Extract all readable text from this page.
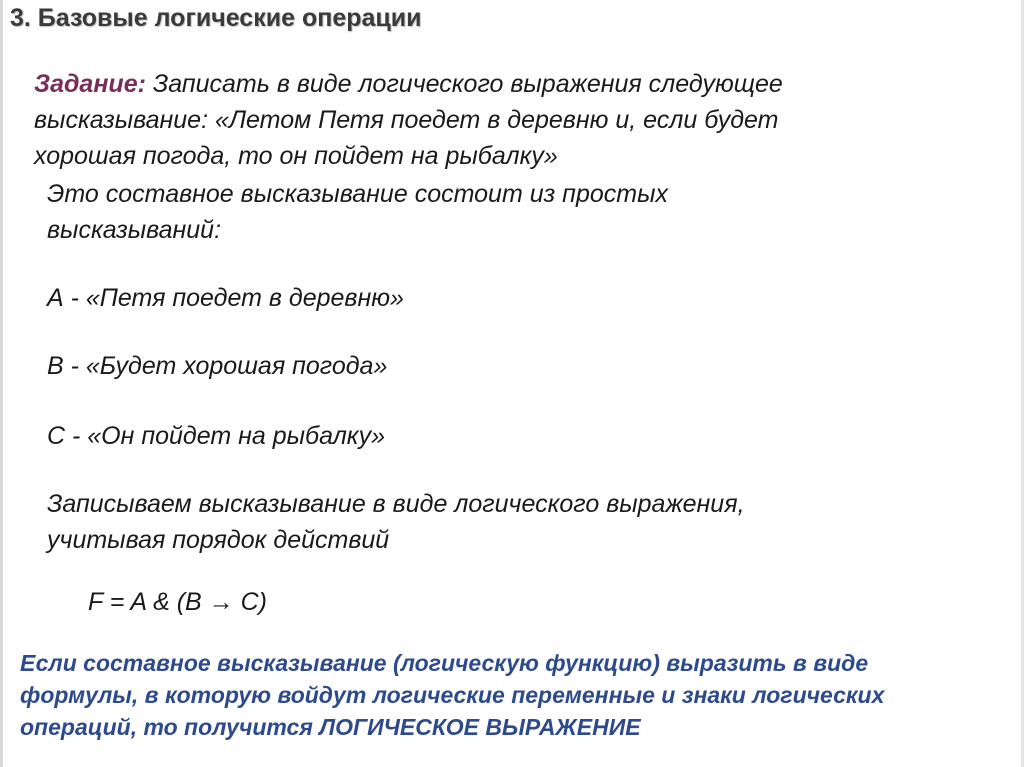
3. Базовые логические операции
Задание: Записать в виде логического выражения следующее
высказывание: «Летом Петя поедет в деревню и, если будет
хорошая погода, то он пойдет на рыбалку»
Это составное высказывание состоит из простых
высказываний:
А - «Петя поедет в деревню»
В - «Будет хорошая погода»
С - «Он пойдет на рыбалку»
Записываем высказывание в виде логического выражения,
учитывая порядок действий
F = A & (B → C)
Если составное высказывание (логическую функцию) выразить в виде
формулы, в которую войдут логические переменные и знаки логических
операций, то получится ЛОГИЧЕСКОЕ ВЫРАЖЕНИЕ
